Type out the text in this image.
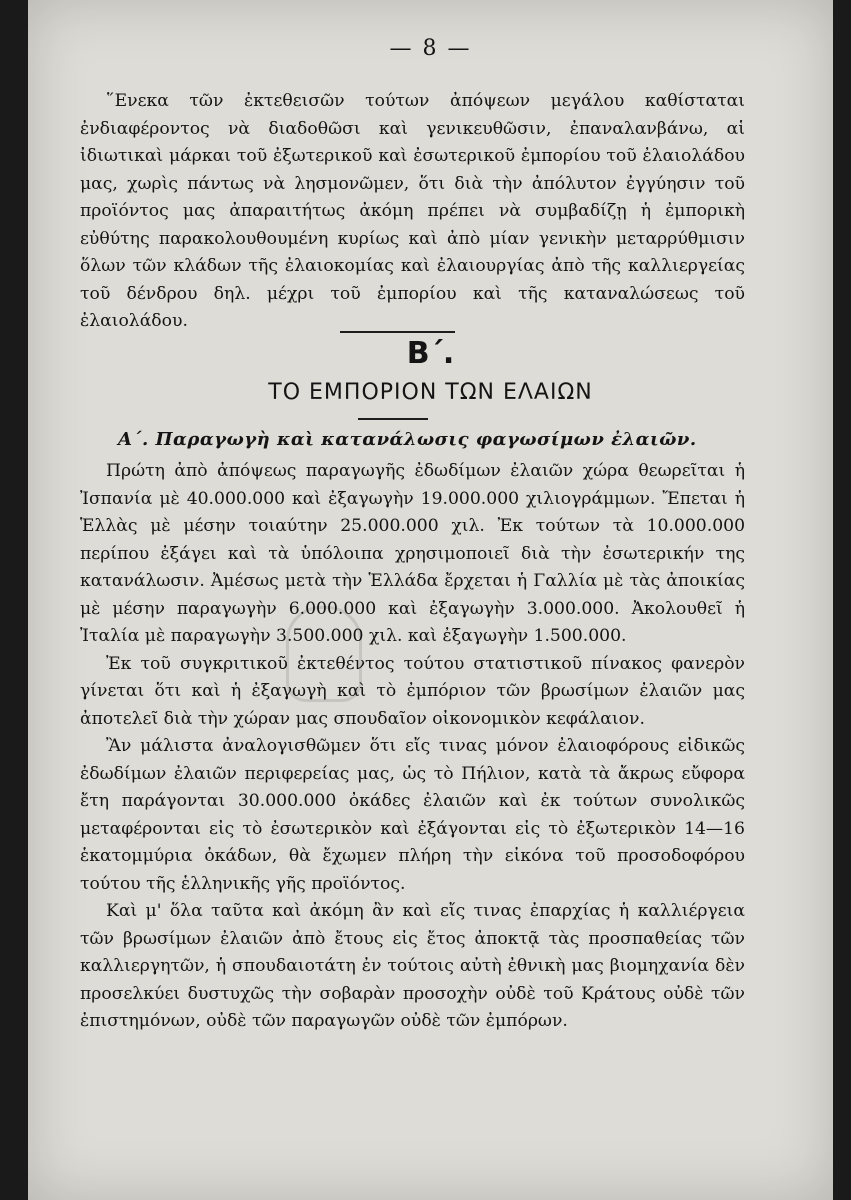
— 8 —

῞Ενεκα τῶν ἐκτεθεισῶν τούτων ἀπόψεων μεγάλου καθίσταται ἐνδιαφέροντος νὰ διαδοθῶσι καὶ γενικευθῶσιν, ἐπαναλανβάνω, αἱ ἰδιωτικαὶ μάρκαι τοῦ ἐξωτερικοῦ καὶ ἐσωτερικοῦ ἐμπορίου τοῦ ἐλαιολάδου μας, χωρὶς πάντως νὰ λησμονῶμεν, ὅτι διὰ τὴν ἀπόλυτον ἐγγύησιν τοῦ προϊόντος μας ἀπαραιτήτως ἀκόμη πρέπει νὰ συμβαδίζῃ ἡ ἐμπορικὴ εὐθύτης παρακολουθουμένη κυρίως καὶ ἀπὸ μίαν γενικὴν μεταρρύθμισιν ὅλων τῶν κλάδων τῆς ἐλαιοκομίας καὶ ἐλαιουργίας ἀπὸ τῆς καλλιεργείας τοῦ δένδρου δηλ. μέχρι τοῦ ἐμπορίου καὶ τῆς καταναλώσεως τοῦ ἐλαιολάδου.

Β΄.
ΤΟ ΕΜΠΟΡΙΟΝ ΤΩΝ ΕΛΑΙΩΝ
Α΄. Παραγωγὴ καὶ κατανάλωσις φαγωσίμων ἐλαιῶν.

Πρώτη ἀπὸ ἀπόψεως παραγωγῆς ἐδωδίμων ἐλαιῶν χώρα θεωρεῖται ἡ Ἰσπανία μὲ 40.000.000 καὶ ἐξαγωγὴν 19.000.000 χιλιογράμμων. Ἔπεται ἡ Ἑλλὰς μὲ μέσην τοιαύτην 25.000.000 χιλ. Ἐκ τούτων τὰ 10.000.000 περίπου ἐξάγει καὶ τὰ ὑπόλοιπα χρησιμοποιεῖ διὰ τὴν ἐσωτερικήν της κατανάλωσιν. Ἀμέσως μετὰ τὴν Ἑλλάδα ἔρχεται ἡ Γαλλία μὲ τὰς ἀποικίας μὲ μέσην παραγωγὴν 6.000.000 καὶ ἐξαγωγὴν 3.000.000. Ἀκολουθεῖ ἡ Ἰταλία μὲ παραγωγὴν 3.500.000 χιλ. καὶ ἐξαγωγὴν 1.500.000.

Ἐκ τοῦ συγκριτικοῦ ἐκτεθέντος τούτου στατιστικοῦ πίνακος φανερὸν γίνεται ὅτι καὶ ἡ ἐξαγωγὴ καὶ τὸ ἐμπόριον τῶν βρωσίμων ἐλαιῶν μας ἀποτελεῖ διὰ τὴν χώραν μας σπουδαῖον οἰκονομικὸν κεφάλαιον.

Ἂν μάλιστα ἀναλογισθῶμεν ὅτι εἴς τινας μόνον ἐλαιοφόρους εἰδικῶς ἐδωδίμων ἐλαιῶν περιφερείας μας, ὡς τὸ Πήλιον, κατὰ τὰ ἄκρως εὔφορα ἔτη παράγονται 30.000.000 ὀκάδες ἐλαιῶν καὶ ἐκ τούτων συνολικῶς μεταφέρονται εἰς τὸ ἐσωτερικὸν καὶ ἐξάγονται εἰς τὸ ἐξωτερικὸν 14—16 ἑκατομμύρια ὀκάδων, θὰ ἔχωμεν πλήρη τὴν εἰκόνα τοῦ προσοδοφόρου τούτου τῆς ἑλληνικῆς γῆς προϊόντος.

Καὶ μ' ὅλα ταῦτα καὶ ἀκόμη ἂν καὶ εἴς τινας ἐπαρχίας ἡ καλλιέργεια τῶν βρωσίμων ἐλαιῶν ἀπὸ ἔτους εἰς ἔτος ἀποκτᾷ τὰς προσπαθείας τῶν καλλιεργητῶν, ἡ σπουδαιοτάτη ἐν τούτοις αὐτὴ ἐθνικὴ μας βιομηχανία δὲν προσελκύει δυστυχῶς τὴν σοβαρὰν προσοχὴν οὐδὲ τοῦ Κράτους οὐδὲ τῶν ἐπιστημόνων, οὐδὲ τῶν παραγωγῶν οὐδὲ τῶν ἐμπόρων.
